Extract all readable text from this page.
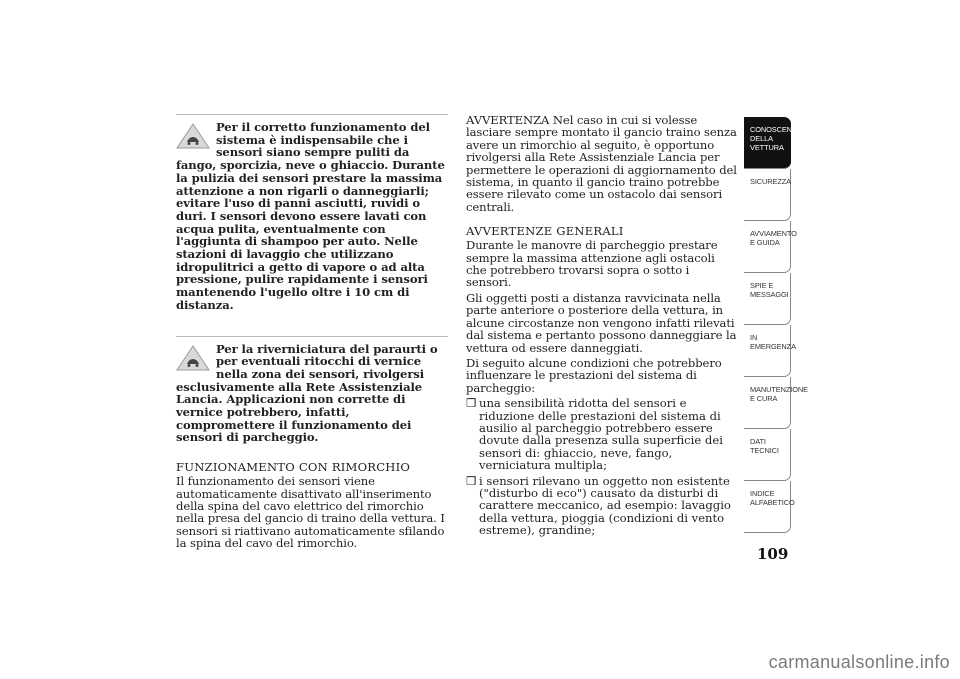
Per il corretto funzionamento del sistema è indispensabile che i sensori siano sempre puliti da fango, sporcizia, neve o ghiaccio. Durante la pulizia dei sensori prestare la massima attenzione a non rigarli o danneggiarli; evitare l'uso di panni asciutti, ruvidi o duri. I sensori devono essere lavati con acqua pulita, eventualmente con l'aggiunta di shampoo per auto. Nelle stazioni di lavaggio che utilizzano idropulitrici a getto di vapore o ad alta pressione, pulire rapidamente i sensori mantenendo l'ugello oltre i 10 cm di distanza.

Per la riverniciatura del paraurti o per eventuali ritocchi di vernice nella zona dei sensori, rivolgersi esclusivamente alla Rete Assistenziale Lancia. Applicazioni non corrette di vernice potrebbero, infatti, compromettere il funzionamento dei sensori di parcheggio.

FUNZIONAMENTO CON RIMORCHIO

Il funzionamento dei sensori viene automaticamente disattivato all'inserimento della spina del cavo elettrico del rimorchio nella presa del gancio di traino della vettura. I sensori si riattivano automaticamente sfilando la spina del cavo del rimorchio.

AVVERTENZA Nel caso in cui si volesse lasciare sempre montato il gancio traino senza avere un rimorchio al seguito, è opportuno rivolgersi alla Rete Assistenziale Lancia per permettere le operazioni di aggiornamento del sistema, in quanto il gancio traino potrebbe essere rilevato come un ostacolo dai sensori centrali.

AVVERTENZE GENERALI

Durante le manovre di parcheggio prestare sempre la massima attenzione agli ostacoli che potrebbero trovarsi sopra o sotto i sensori.

Gli oggetti posti a distanza ravvicinata nella parte anteriore o posteriore della vettura, in alcune circostanze non vengono infatti rilevati dal sistema e pertanto possono danneggiare la vettura od essere danneggiati.

Di seguito alcune condizioni che potrebbero influenzare le prestazioni del sistema di parcheggio:

❒ una sensibilità ridotta del sensori e riduzione delle prestazioni del sistema di ausilio al parcheggio potrebbero essere dovute dalla presenza sulla superficie dei sensori di: ghiaccio, neve, fango, verniciatura multipla;
❒ i sensori rilevano un oggetto non esistente ("disturbo di eco") causato da disturbi di carattere meccanico, ad esempio: lavaggio della vettura, pioggia (condizioni di vento estreme), grandine;
CONOSCENZA DELLA VETTURA
SICUREZZA
AVVIAMENTO E GUIDA
SPIE E MESSAGGI
IN EMERGENZA
MANUTENZIONE E CURA
DATI TECNICI
INDICE ALFABETICO
109
carmanualsonline.info
